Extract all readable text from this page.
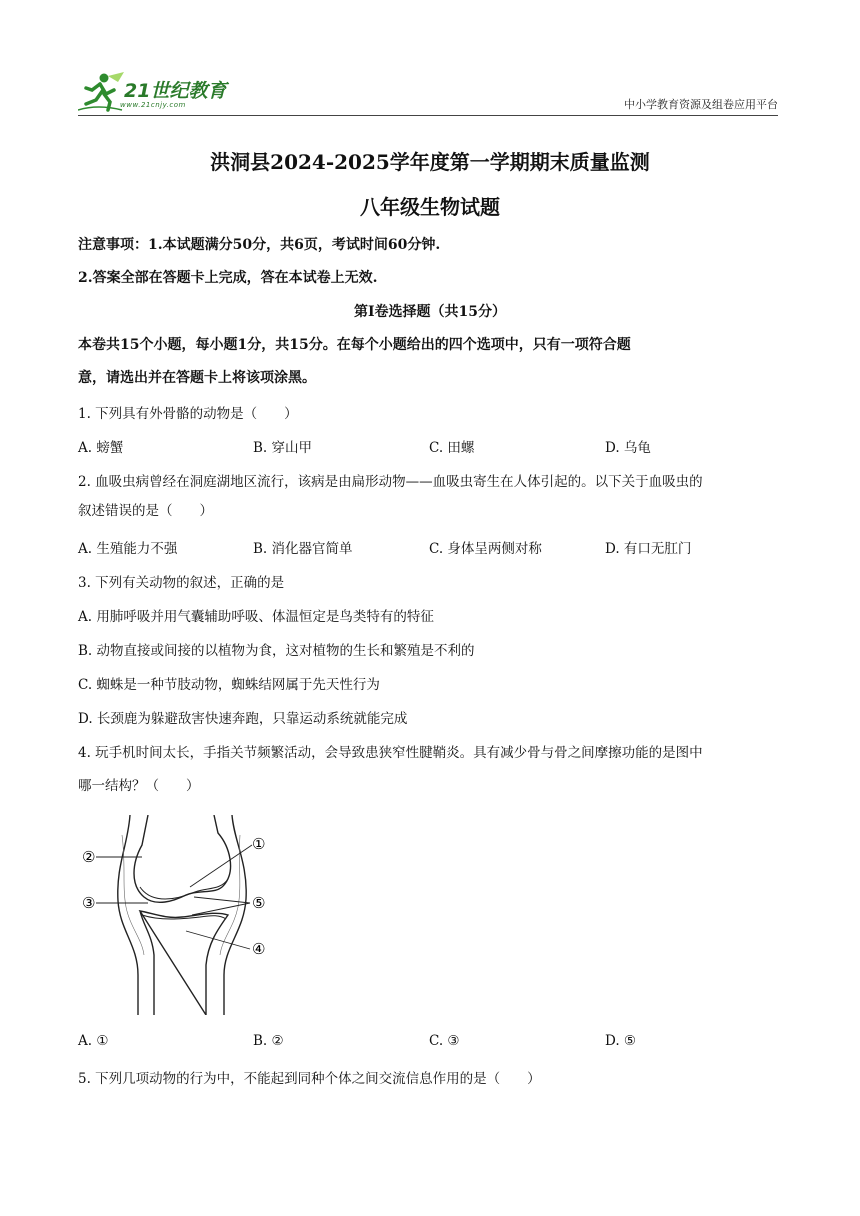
21世纪教育
www.21cnjy.com	中小学教育资源及组卷应用平台
洪洞县2024-2025学年度第一学期期末质量监测
八年级生物试题
注意事项：1.本试题满分50分，共6页，考试时间60分钟.
2.答案全部在答题卡上完成，答在本试卷上无效.
第Ⅰ卷选择题（共15分）
本卷共15个小题，每小题1分，共15分。在每个小题给出的四个选项中，只有一项符合题
意，请选出并在答题卡上将该项涂黑。
1. 下列具有外骨骼的动物是（　　）
A. 螃蟹	B. 穿山甲	C. 田螺	D. 乌龟
2. 血吸虫病曾经在洞庭湖地区流行，该病是由扁形动物——血吸虫寄生在人体引起的。以下关于血吸虫的
叙述错误的是（　　）
A. 生殖能力不强	B. 消化器官简单	C. 身体呈两侧对称	D. 有口无肛门
3. 下列有关动物的叙述，正确的是
A. 用肺呼吸并用气囊辅助呼吸、体温恒定是鸟类特有的特征
B. 动物直接或间接的以植物为食，这对植物的生长和繁殖是不利的
C. 蜘蛛是一种节肢动物，蜘蛛结网属于先天性行为
D. 长颈鹿为躲避敌害快速奔跑，只靠运动系统就能完成
4. 玩手机时间太长，手指关节频繁活动，会导致患狭窄性腱鞘炎。具有减少骨与骨之间摩擦功能的是图中
哪一结构？（　　）
①
②
③
④
⑤
A. ①	B. ②	C. ③	D. ⑤
5. 下列几项动物的行为中，不能起到同种个体之间交流信息作用的是（　　）
